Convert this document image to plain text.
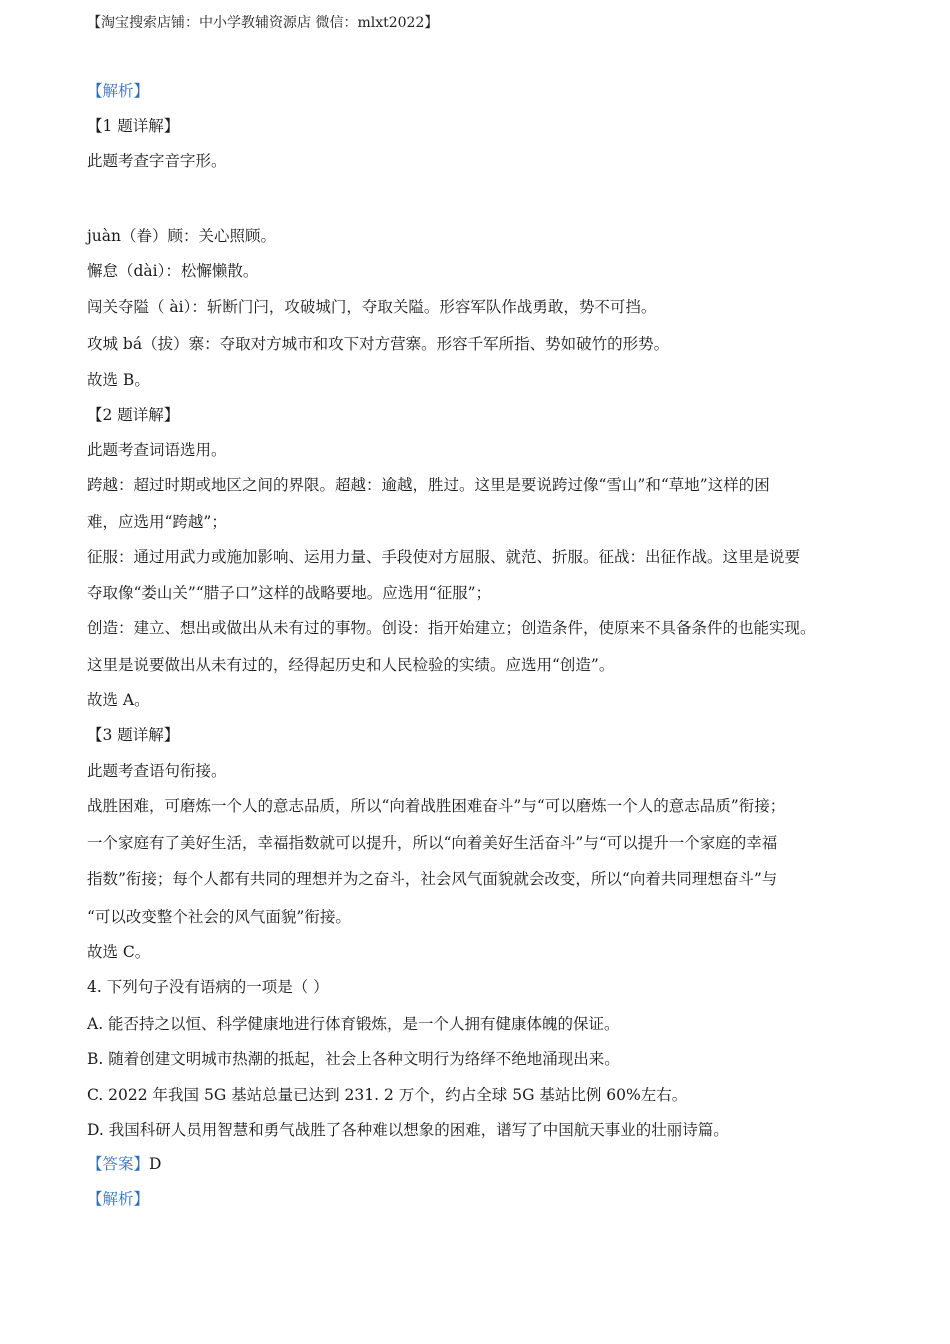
【淘宝搜索店铺：中小学教辅资源店 微信：mlxt2022】
【解析】
【1 题详解】
此题考查字音字形。
juàn（眷）顾：关心照顾。
懈怠（dài）：松懈懒散。
闯关夺隘（ ài）：斩断门闩，攻破城门，夺取关隘。形容军队作战勇敢，势不可挡。
攻城 bá（拔）寨：夺取对方城市和攻下对方营寨。形容千军所指、势如破竹的形势。
故选 B。
【2 题详解】
此题考查词语选用。
跨越：超过时期或地区之间的界限。超越：逾越，胜过。这里是要说跨过像“雪山”和“草地”这样的困
难，应选用“跨越”；
征服：通过用武力或施加影响、运用力量、手段使对方屈服、就范、折服。征战：出征作战。这里是说要
夺取像“娄山关”“腊子口”这样的战略要地。应选用“征服”；
创造：建立、想出或做出从未有过的事物。创设：指开始建立；创造条件，使原来不具备条件的也能实现。
这里是说要做出从未有过的，经得起历史和人民检验的实绩。应选用“创造”。
故选 A。
【3 题详解】
此题考查语句衔接。
战胜困难，可磨炼一个人的意志品质，所以“向着战胜困难奋斗”与“可以磨炼一个人的意志品质”衔接；
一个家庭有了美好生活，幸福指数就可以提升，所以“向着美好生活奋斗”与“可以提升一个家庭的幸福
指数”衔接；每个人都有共同的理想并为之奋斗，社会风气面貌就会改变，所以“向着共同理想奋斗”与
“可以改变整个社会的风气面貌”衔接。
故选 C。
4. 下列句子没有语病的一项是（ ）
A. 能否持之以恒、科学健康地进行体育锻炼，是一个人拥有健康体魄的保证。
B. 随着创建文明城市热潮的抵起，社会上各种文明行为络绎不绝地涌现出来。
C. 2022 年我国 5G 基站总量已达到 231. 2 万个，约占全球 5G 基站比例 60%左右。
D. 我国科研人员用智慧和勇气战胜了各种难以想象的困难，谱写了中国航天事业的壮丽诗篇。
【答案】D
【解析】
